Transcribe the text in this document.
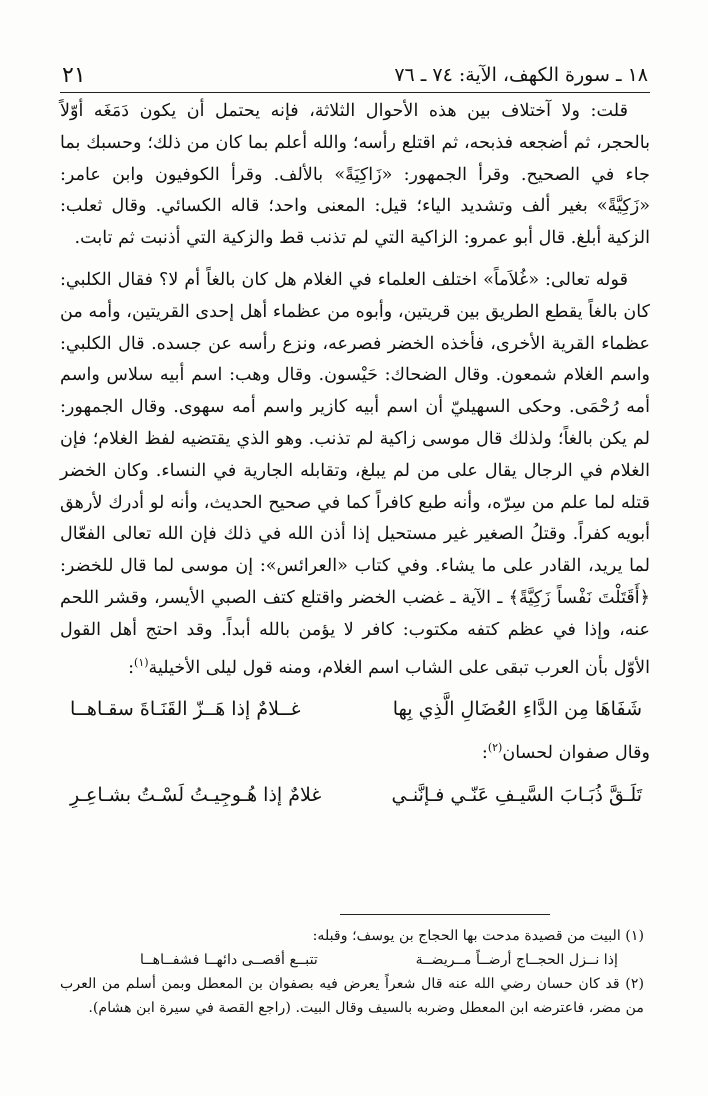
١٨ ـ سورة الكهف، الآية: ٧٤ ـ ٧٦
٢١

قلت: ولا آختلاف بين هذه الأحوال الثلاثة، فإنه يحتمل أن يكون دَمَغَه أوّلاً بالحجر، ثم أضجعه فذبحه، ثم اقتلع رأسه؛ والله أعلم بما كان من ذلك؛ وحسبك بما جاء في الصحيح. وقرأ الجمهور: «زَاكِيَةً» بالألف. وقرأ الكوفيون وابن عامر: «زَكِيَّةً» بغير ألف وتشديد الياء؛ قيل: المعنى واحد؛ قاله الكسائي. وقال ثعلب: الزكية أبلغ. قال أبو عمرو: الزاكية التي لم تذنب قط والزكية التي أذنبت ثم تابت.

قوله تعالى: «غُلاَماً» اختلف العلماء في الغلام هل كان بالغاً أم لا؟ فقال الكلبي: كان بالغاً يقطع الطريق بين قريتين، وأبوه من عظماء أهل إحدى القريتين، وأمه من عظماء القرية الأخرى، فأخذه الخضر فصرعه، ونزع رأسه عن جسده. قال الكلبي: واسم الغلام شمعون. وقال الضحاك: حَيْسون. وقال وهب: اسم أبيه سلاس واسم أمه رُحْمَى. وحكى السهيليّ أن اسم أبيه كازير واسم أمه سهوى. وقال الجمهور: لم يكن بالغاً؛ ولذلك قال موسى زاكية لم تذنب. وهو الذي يقتضيه لفظ الغلام؛ فإن الغلام في الرجال يقال على من لم يبلغ، وتقابله الجارية في النساء. وكان الخضر قتله لما علم من سِرّه، وأنه طبع كافراً كما في صحيح الحديث، وأنه لو أدرك لأرهق أبويه كفراً. وقتلُ الصغير غير مستحيل إذا أذن الله في ذلك فإن الله تعالى الفعّال لما يريد، القادر على ما يشاء. وفي كتاب «العرائس»: إن موسى لما قال للخضر: ﴿أَقَتَلْتَ نَفْساً زَكِيَّةً﴾ ـ الآية ـ غضب الخضر واقتلع كتف الصبي الأيسر، وقشر اللحم عنه، وإذا في عظم كتفه مكتوب: كافر لا يؤمن بالله أبداً. وقد احتج أهل القول الأوّل بأن العرب تبقى على الشاب اسم الغلام، ومنه قول ليلى الأخيلية$^{(١)}$:

شَفَاهَا مِن الدَّاءِ العُضَالِ الَّذِي بِها
غــلامٌ إذا هَــزّ القَنَـاةَ سقـاهــا

وقال صفوان لحسان$^{(٢)}$:

تَلَـقَّ ذُبَـابَ السَّيـفِ عَنّـي فـإنَّنـي
غلامٌ إذا هُـوجِيـتُ لَسْـتُ بشـاعِـرِ
(١) البيت من قصيدة مدحت بها الحجاج بن يوسف؛ وقبله:
إذا نــزل الحجــاج أرضــاً مــريضــة
تتبــع أقصــى دائهــا فشفــاهــا
(٢) قد كان حسان رضي الله عنه قال شعراً يعرض فيه بصفوان بن المعطل وبمن أسلم من العرب من مضر، فاعترضه ابن المعطل وضربه بالسيف وقال البيت. (راجع القصة في سيرة ابن هشام).
